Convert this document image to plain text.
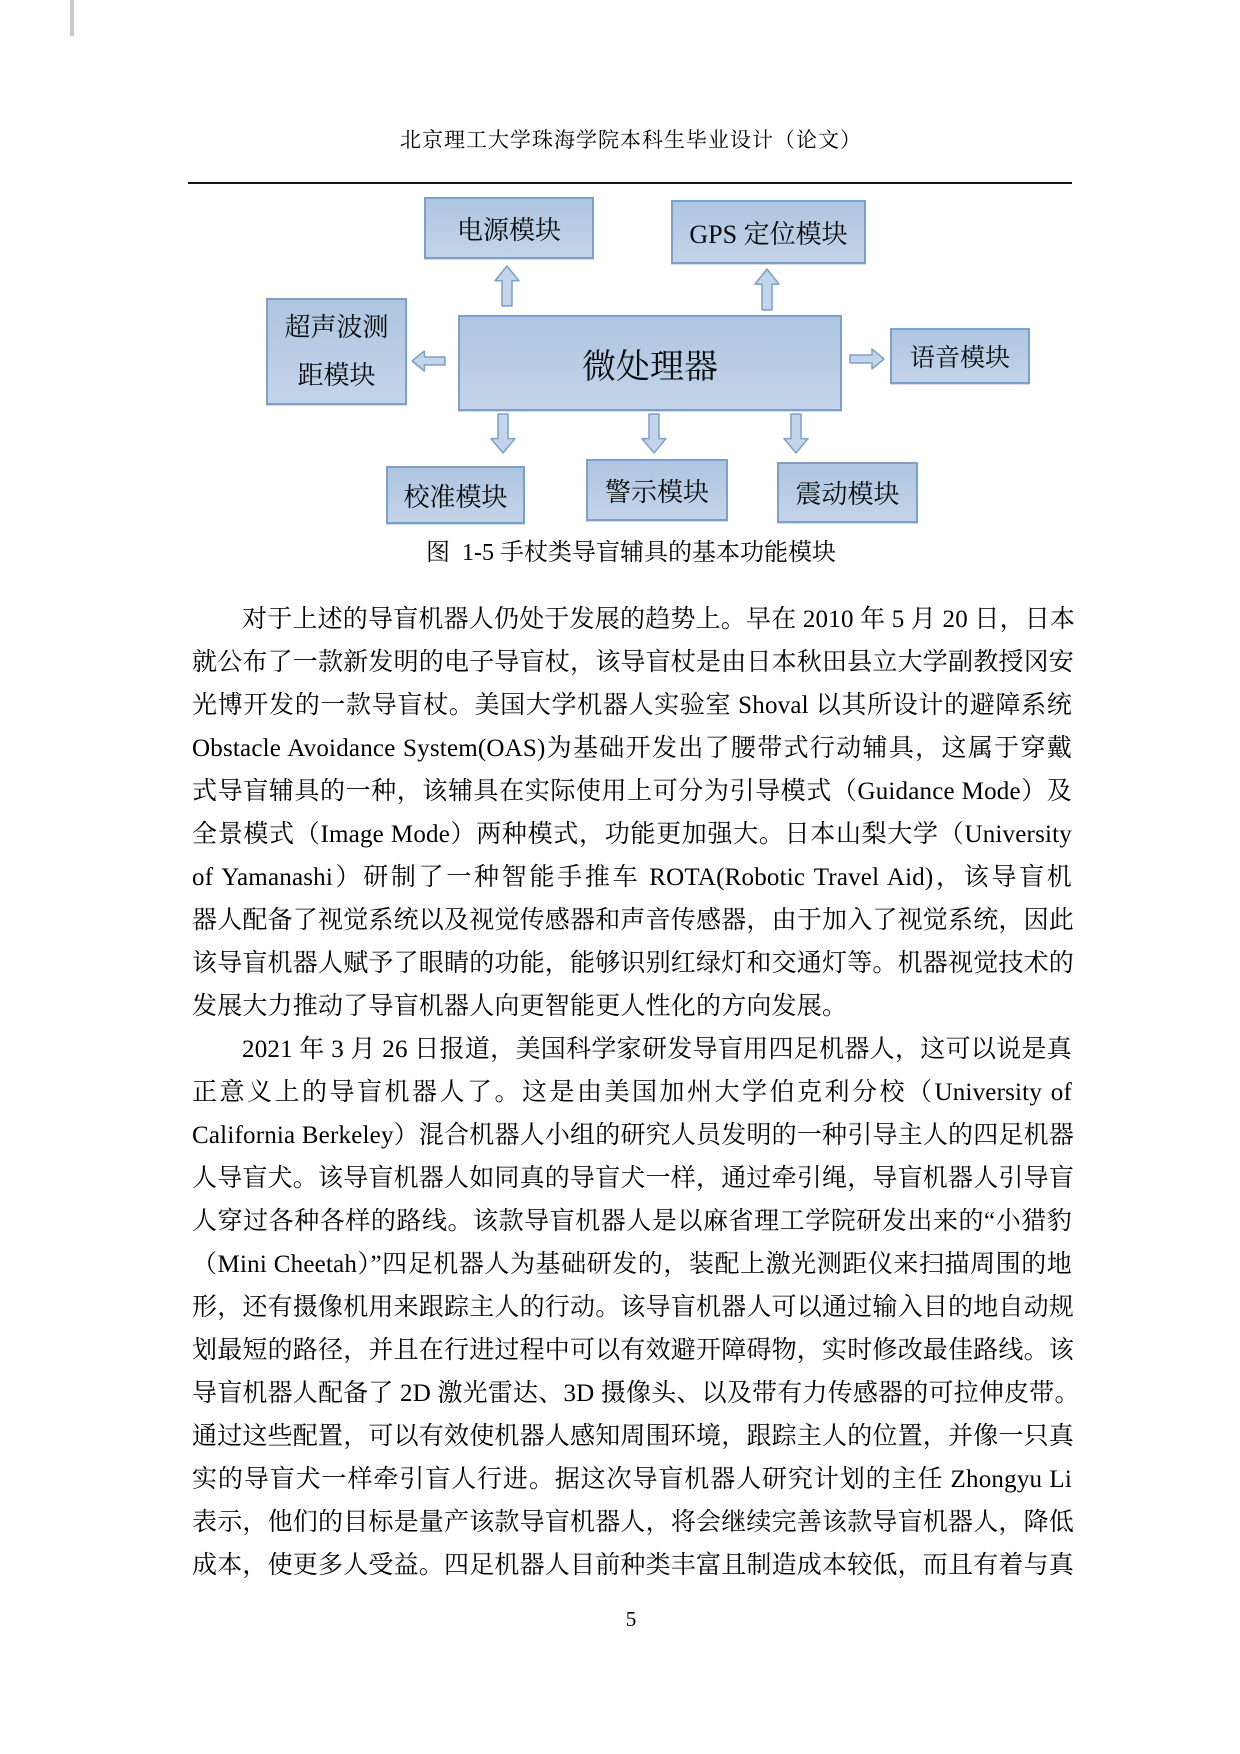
北京理工大学珠海学院本科生毕业设计（论文）
电源模块	GPS 定位模块
超声波测
距模块	微处理器	语音模块
校准模块	警示模块	震动模块
图  1-5 手杖类导盲辅具的基本功能模块
对于上述的导盲机器人仍处于发展的趋势上。早在 2010 年 5 月 20 日，日本
就公布了一款新发明的电子导盲杖，该导盲杖是由日本秋田县立大学副教授冈安
光博开发的一款导盲杖。美国大学机器人实验室 Shoval 以其所设计的避障系统
Obstacle Avoidance System(OAS)为基础开发出了腰带式行动辅具，这属于穿戴
式导盲辅具的一种，该辅具在实际使用上可分为引导模式（Guidance Mode）及
全景模式（Image Mode）两种模式，功能更加强大。日本山梨大学（University
of Yamanashi）研制了一种智能手推车 ROTA(Robotic Travel Aid)，该导盲机
器人配备了视觉系统以及视觉传感器和声音传感器，由于加入了视觉系统，因此
该导盲机器人赋予了眼睛的功能，能够识别红绿灯和交通灯等。机器视觉技术的
发展大力推动了导盲机器人向更智能更人性化的方向发展。
2021 年 3 月 26 日报道，美国科学家研发导盲用四足机器人，这可以说是真
正意义上的导盲机器人了。这是由美国加州大学伯克利分校（University of
California Berkeley）混合机器人小组的研究人员发明的一种引导主人的四足机器
人导盲犬。该导盲机器人如同真的导盲犬一样，通过牵引绳，导盲机器人引导盲
人穿过各种各样的路线。该款导盲机器人是以麻省理工学院研发出来的“小猎豹
（Mini Cheetah）”四足机器人为基础研发的，装配上激光测距仪来扫描周围的地
形，还有摄像机用来跟踪主人的行动。该导盲机器人可以通过输入目的地自动规
划最短的路径，并且在行进过程中可以有效避开障碍物，实时修改最佳路线。该
导盲机器人配备了 2D 激光雷达、3D 摄像头、以及带有力传感器的可拉伸皮带。
通过这些配置，可以有效使机器人感知周围环境，跟踪主人的位置，并像一只真
实的导盲犬一样牵引盲人行进。据这次导盲机器人研究计划的主任 Zhongyu Li
表示，他们的目标是量产该款导盲机器人，将会继续完善该款导盲机器人，降低
成本，使更多人受益。四足机器人目前种类丰富且制造成本较低，而且有着与真
5
